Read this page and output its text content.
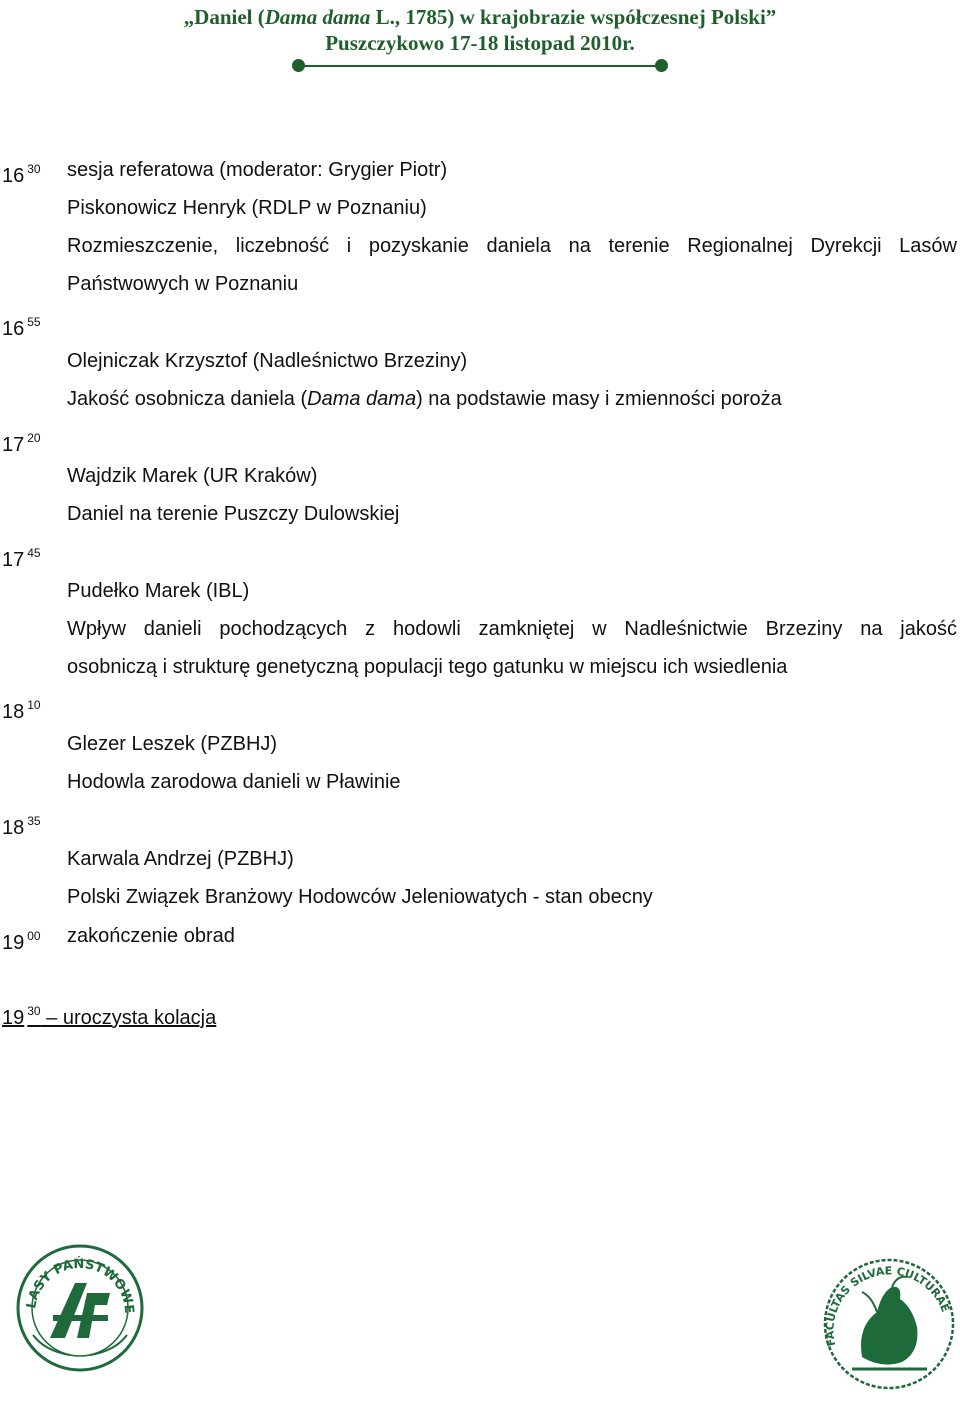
„Daniel (Dama dama L., 1785) w krajobrazie współczesnej Polski”
Puszczykowo 17-18 listopad 2010r.
16 $^{30}$
16 $^{55}$
17 $^{20}$
17 $^{45}$
18 $^{10}$
18 $^{35}$
19 $^{00}$
sesja referatowa (moderator: Grygier Piotr)
Piskonowicz Henryk (RDLP w Poznaniu)
Rozmieszczenie, liczebność i pozyskanie daniela na terenie Regionalnej Dyrekcji Lasów
Państwowych w Poznaniu
Olejniczak Krzysztof (Nadleśnictwo Brzeziny)
Jakość osobnicza daniela (Dama dama) na podstawie masy i zmienności poroża
Wajdzik Marek (UR Kraków)
Daniel na terenie Puszczy Dulowskiej
Pudełko Marek (IBL)
Wpływ danieli pochodzących z hodowli zamkniętej w Nadleśnictwie Brzeziny na jakość
osobniczą i strukturę genetyczną populacji tego gatunku w miejscu ich wsiedlenia
Glezer Leszek (PZBHJ)
Hodowla zarodowa danieli w Pławinie
Karwala Andrzej (PZBHJ)
Polski Związek Branżowy Hodowców Jeleniowatych - stan obecny
zakończenie obrad
19 $^{30}$ – uroczysta kolacja
LASY PAŃSTWOWE
FACULTAS SILVAE CULTURAE
